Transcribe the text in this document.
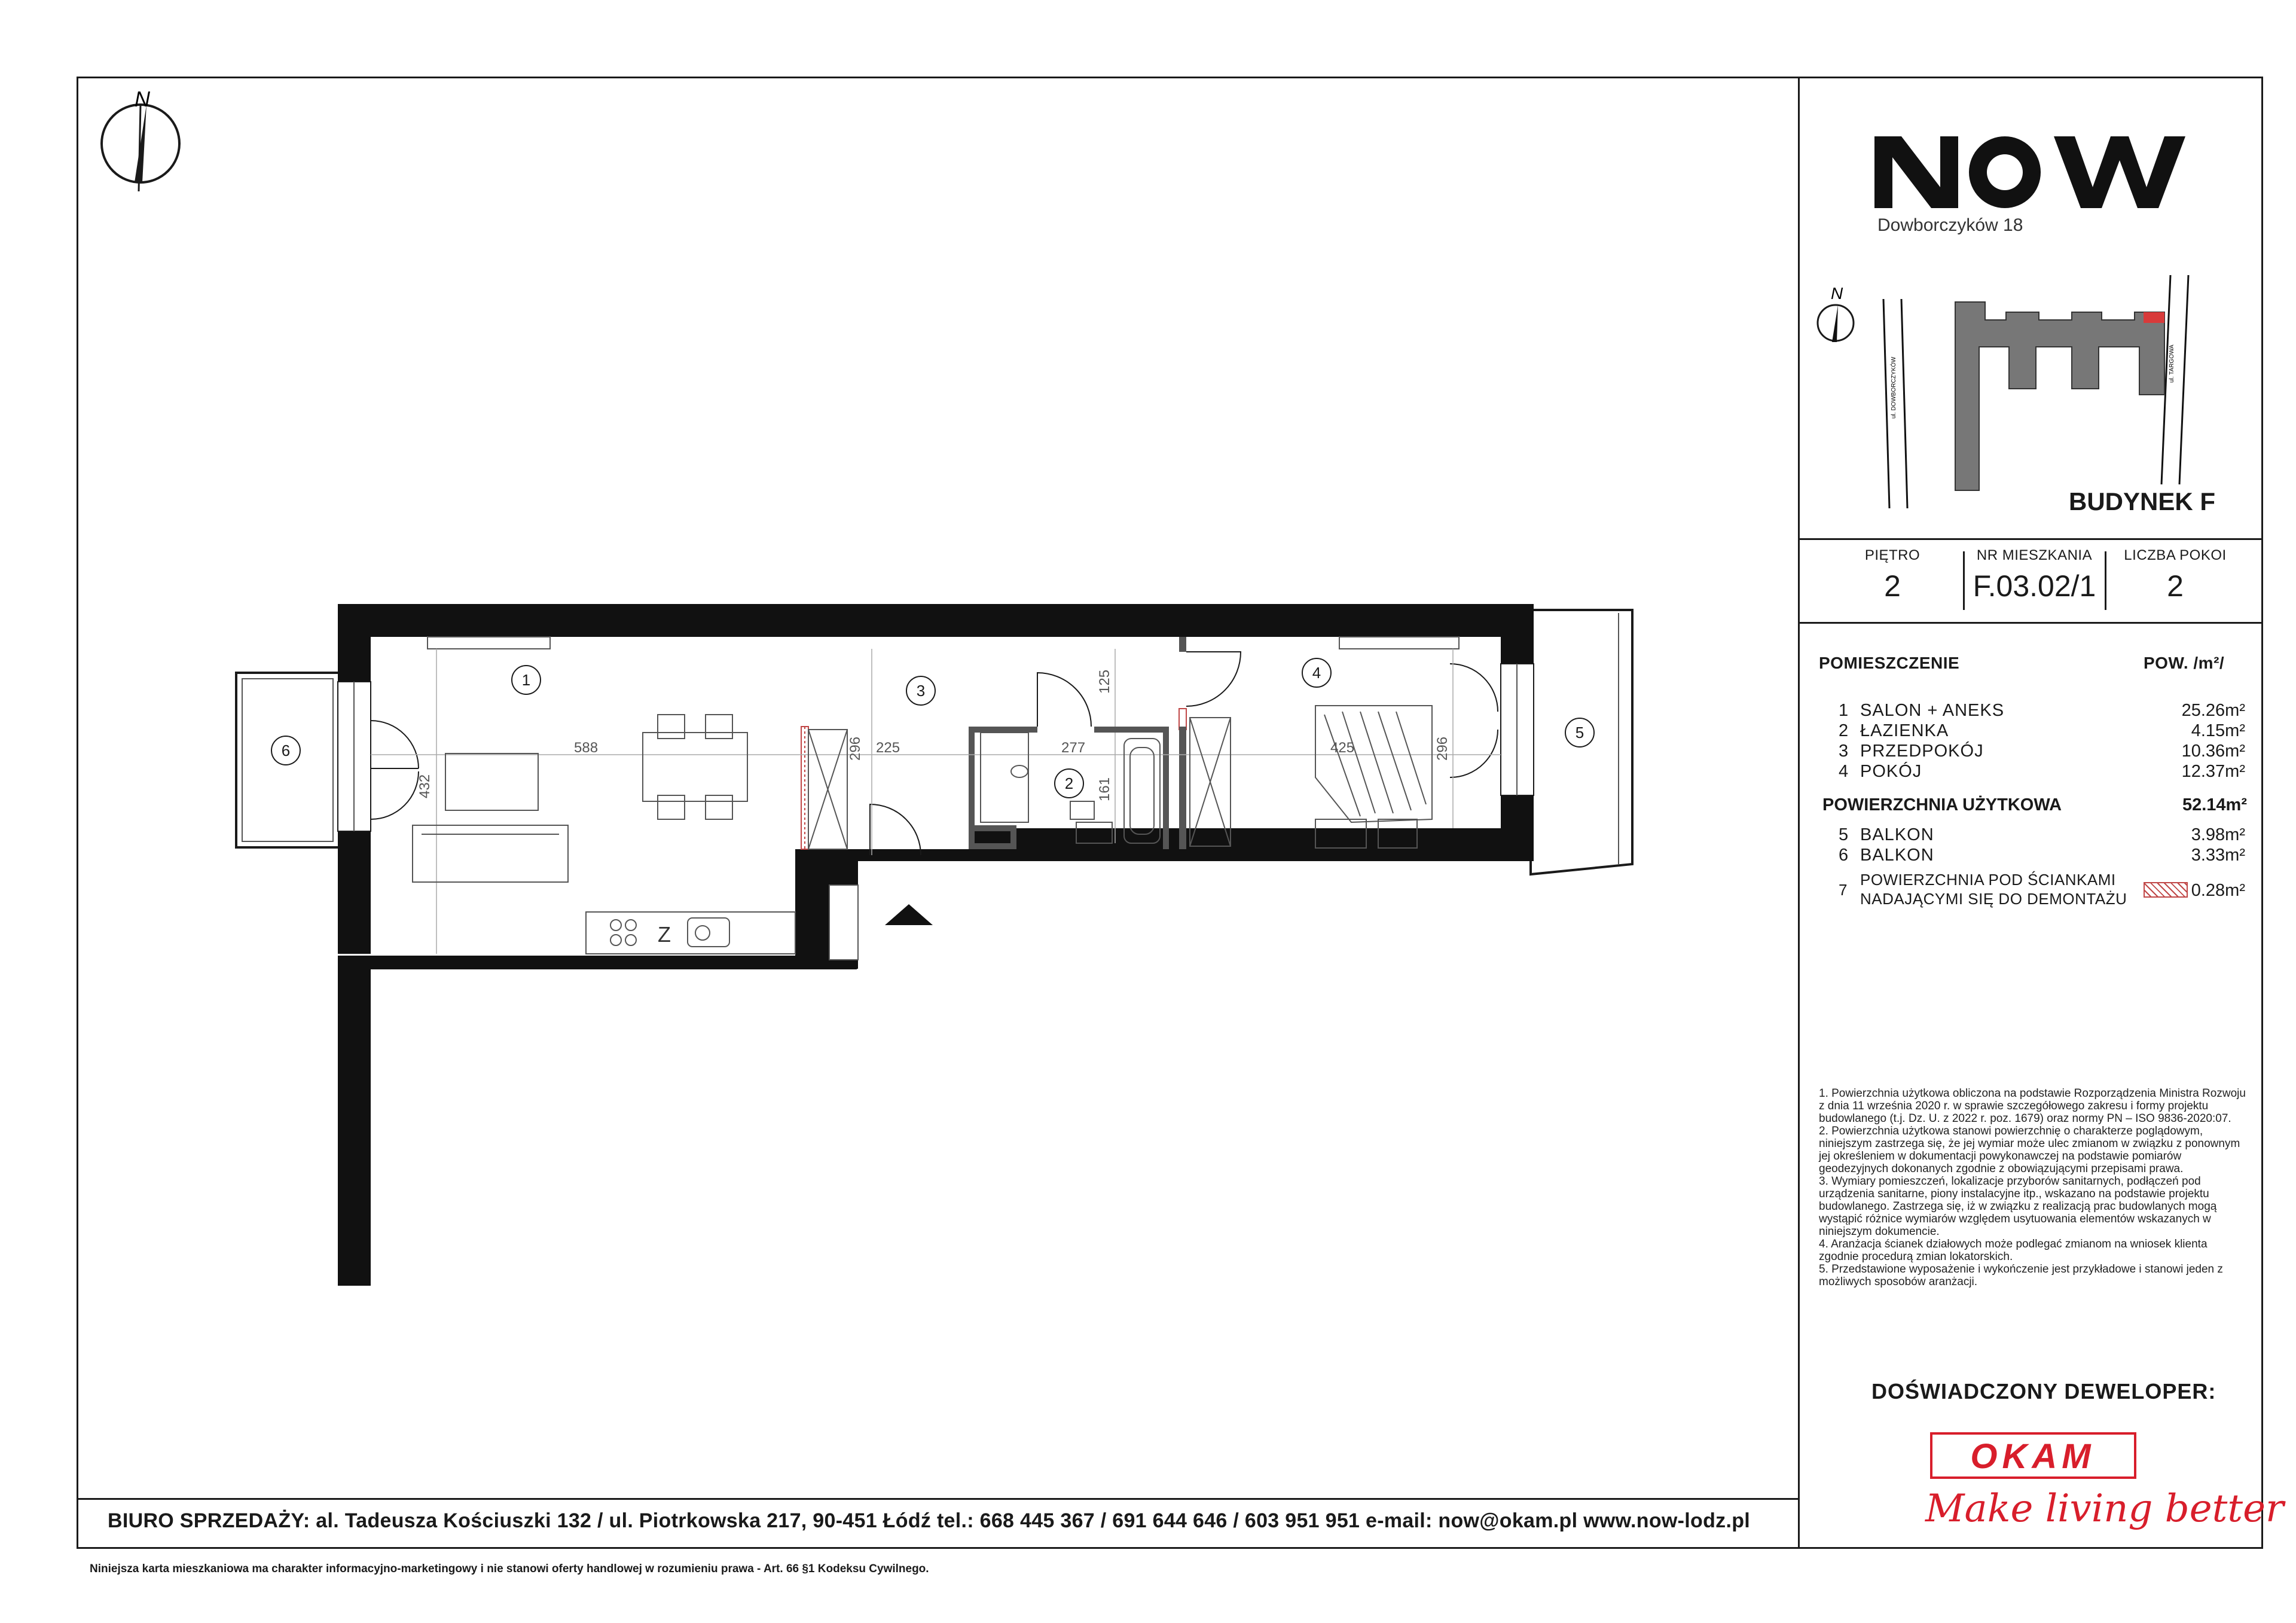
N
588
432
296 225	277
125
161
425	296
Z
1
2
3
4
5
6
Dowborczyków 18
N
ul. DOWBORCZYKÓW	ul. TARGOWA
BUDYNEK F
PIĘTRO
2
NR MIESZKANIA
F.03.02/1
LICZBA POKOI
2
POMIESZCZENIE	POW. /m²/
1 SALON + ANEKS	25.26m²
2 ŁAZIENKA	4.15m²
3 PRZEDPOKÓJ	10.36m²
4 POKÓJ	12.37m²
POWIERZCHNIA UŻYTKOWA	52.14m²
5 BALKON	3.98m²
6 BALKON	3.33m²
7
POWIERZCHNIA POD ŚCIANKAMI
NADAJĄCYMI SIĘ DO DEMONTAŻU	0.28m²
1. Powierzchnia użytkowa obliczona na podstawie Rozporządzenia Ministra Rozwoju z dnia 11 września 2020 r. w sprawie szczegółowego zakresu i formy projektu budowlanego (t.j. Dz. U. z 2022 r. poz. 1679) oraz normy PN – ISO 9836-2020:07.
2. Powierzchnia użytkowa stanowi powierzchnię o charakterze poglądowym, niniejszym zastrzega się, że jej wymiar może ulec zmianom w związku z ponownym jej określeniem w dokumentacji powykonawczej na podstawie pomiarów geodezyjnych dokonanych zgodnie z obowiązującymi przepisami prawa.
3. Wymiary pomieszczeń, lokalizacje przyborów sanitarnych, podłączeń pod urządzenia sanitarne, piony instalacyjne itp., wskazano na podstawie projektu budowlanego. Zastrzega się, iż w związku z realizacją prac budowlanych mogą wystąpić różnice wymiarów względem usytuowania elementów wskazanych w niniejszym dokumencie.
4. Aranżacja ścianek działowych może podlegać zmianom na wniosek klienta zgodnie procedurą zmian lokatorskich.
5. Przedstawione wyposażenie i wykończenie jest przykładowe i stanowi jeden z możliwych sposobów aranżacji.
DOŚWIADCZONY DEWELOPER:
OKAM
Make living better
BIURO SPRZEDAŻY: al. Tadeusza Kościuszki 132 / ul. Piotrkowska 217, 90-451 Łódź tel.: 668 445 367 / 691 644 646 / 603 951 951 e-mail: now@okam.pl www.now-lodz.pl
Niniejsza karta mieszkaniowa ma charakter informacyjno-marketingowy i nie stanowi oferty handlowej w rozumieniu prawa - Art. 66 §1 Kodeksu Cywilnego.
